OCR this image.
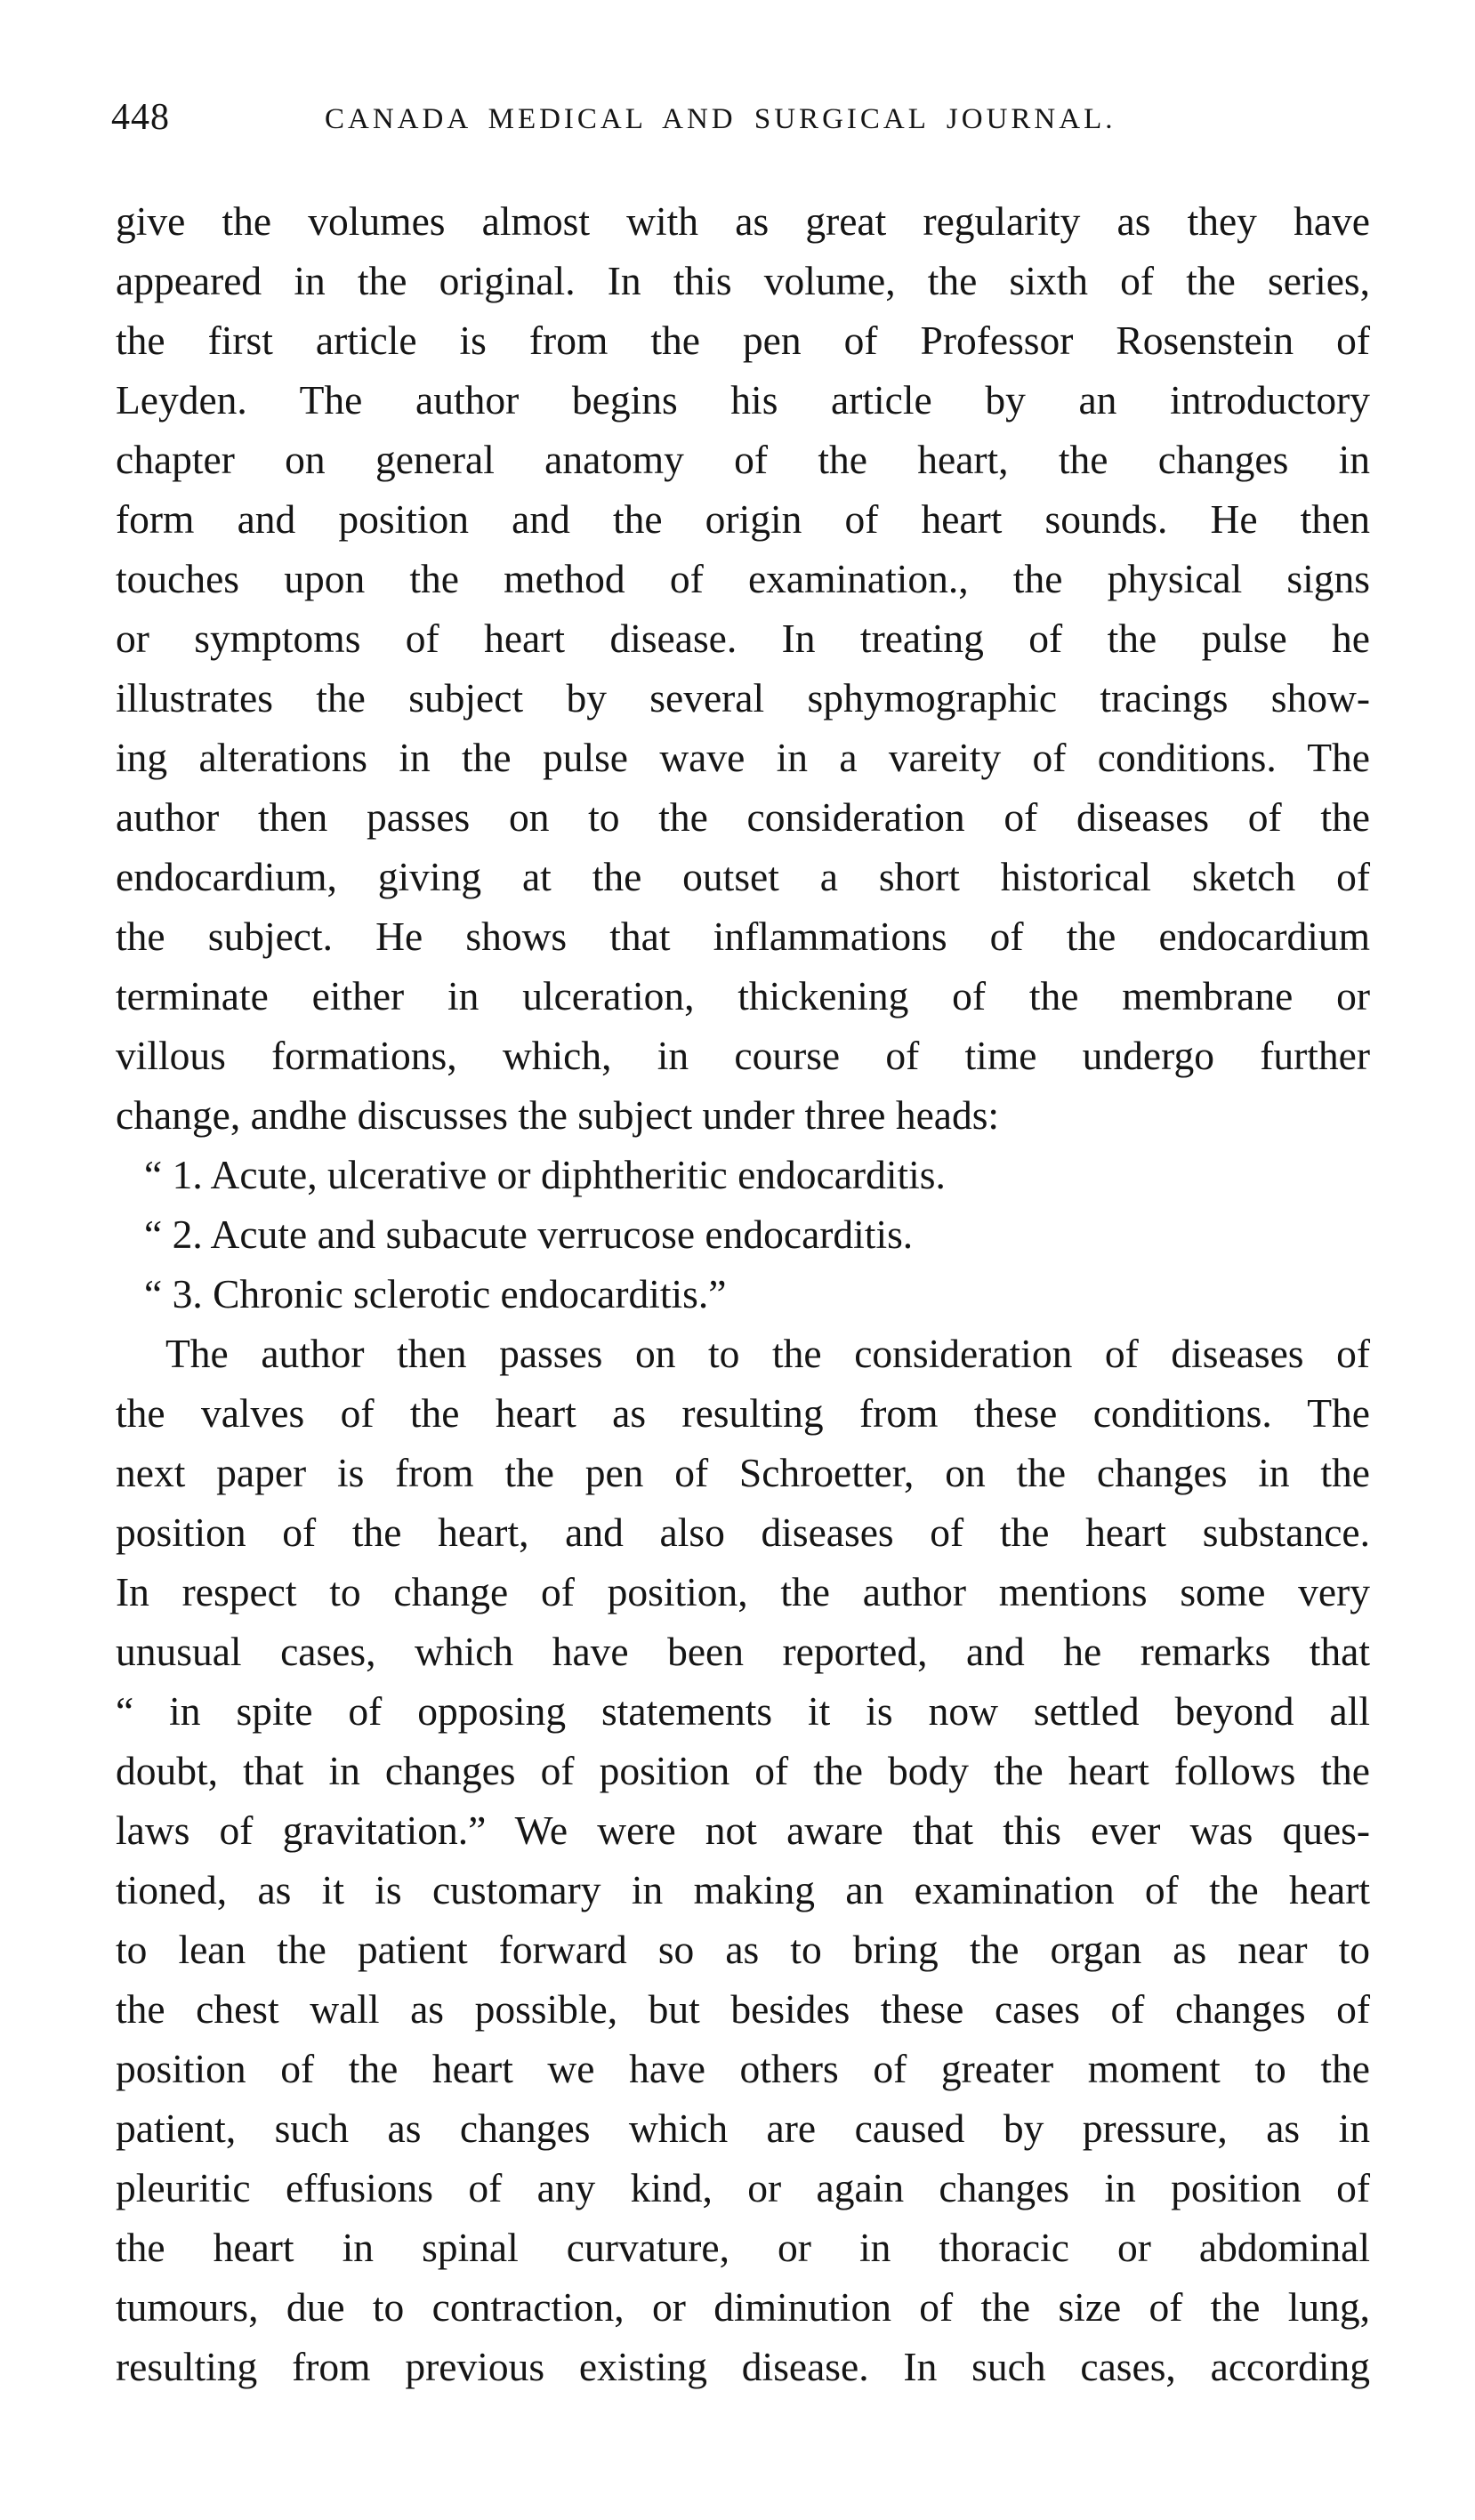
448	CANADA MEDICAL AND SURGICAL JOURNAL.
give the volumes almost with as great regularity as they have
appeared in the original. In this volume, the sixth of the series,
the first article is from the pen of Professor Rosenstein of
Leyden. The author begins his article by an introductory
chapter on general anatomy of the heart, the changes in
form and position and the origin of heart sounds. He then
touches upon the method of examination., the physical signs
or symptoms of heart disease. In treating of the pulse he
illustrates the subject by several sphymographic tracings show-
ing alterations in the pulse wave in a vareity of conditions. The
author then passes on to the consideration of diseases of the
endocardium, giving at the outset a short historical sketch of
the subject. He shows that inflammations of the endocardium
terminate either in ulceration, thickening of the membrane or
villous formations, which, in course of time undergo further
change, andhe discusses the subject under three heads:
“ 1. Acute, ulcerative or diphtheritic endocarditis.
“ 2. Acute and subacute verrucose endocarditis.
“ 3. Chronic sclerotic endocarditis.”
The author then passes on to the consideration of diseases of
the valves of the heart as resulting from these conditions. The
next paper is from the pen of Schroetter, on the changes in the
position of the heart, and also diseases of the heart substance.
In respect to change of position, the author mentions some very
unusual cases, which have been reported, and he remarks that
“ in spite of opposing statements it is now settled beyond all
doubt, that in changes of position of the body the heart follows the
laws of gravitation.” We were not aware that this ever was ques-
tioned, as it is customary in making an examination of the heart
to lean the patient forward so as to bring the organ as near to
the chest wall as possible, but besides these cases of changes of
position of the heart we have others of greater moment to the
patient, such as changes which are caused by pressure, as in
pleuritic effusions of any kind, or again changes in position of
the heart in spinal curvature, or in thoracic or abdominal
tumours, due to contraction, or diminution of the size of the lung,
resulting from previous existing disease. In such cases, according
